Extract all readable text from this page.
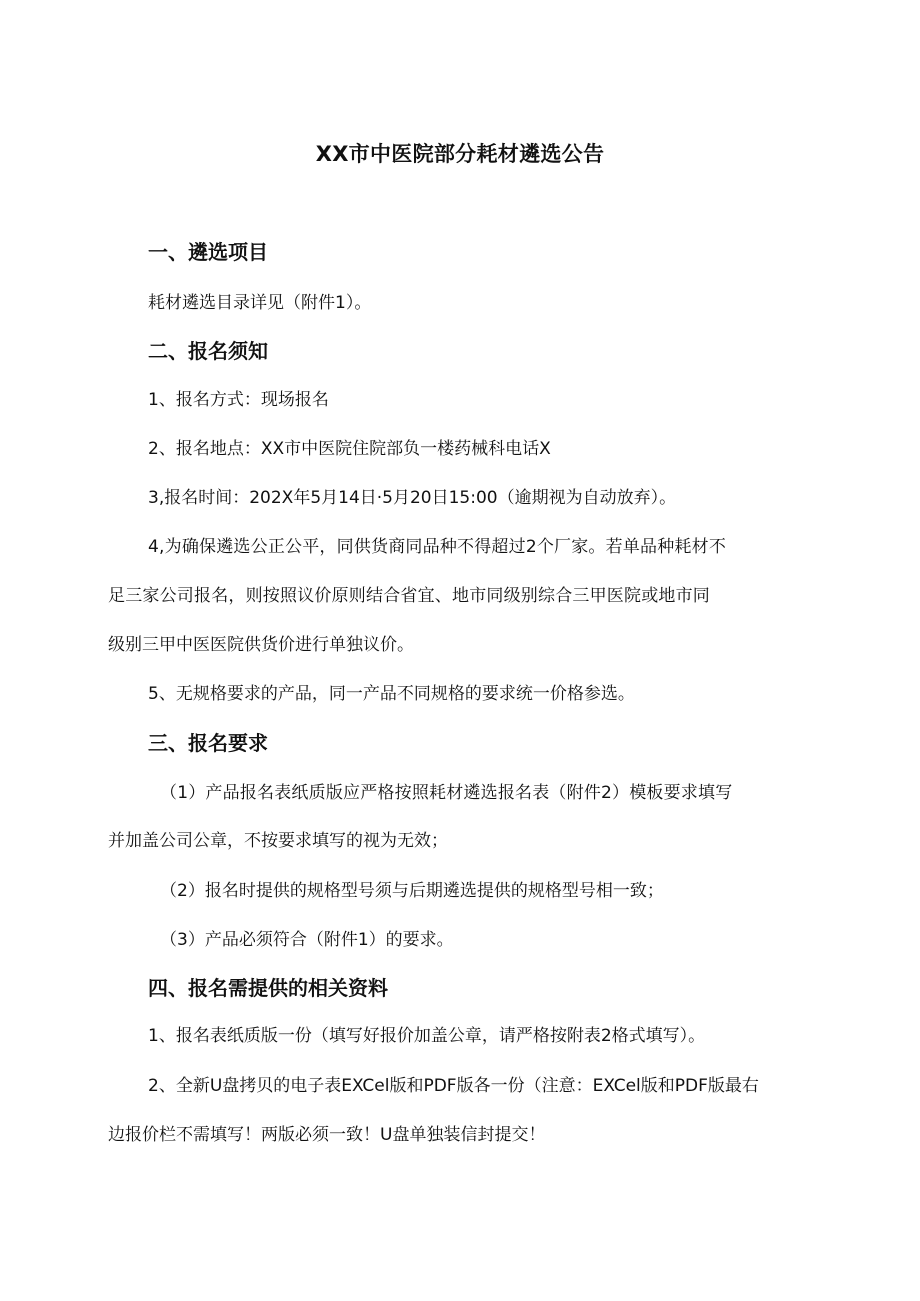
XX市中医院部分耗材遴选公告
一、遴选项目
耗材遴选目录详见（附件1）。
二、报名须知
1、报名方式：现场报名
2、报名地点：XX市中医院住院部负一楼药械科电话X
3,报名时间：202X年5月14日·5月20日15:00（逾期视为自动放弃）。
4,为确保遴选公正公平，同供货商同品种不得超过2个厂家。若单品种耗材不
足三家公司报名，则按照议价原则结合省宜、地市同级别综合三甲医院或地市同
级别三甲中医医院供货价进行单独议价。
5、无规格要求的产品，同一产品不同规格的要求统一价格参选。
三、报名要求
（1）产品报名表纸质版应严格按照耗材遴选报名表（附件2）模板要求填写
并加盖公司公章，不按要求填写的视为无效；
（2）报名时提供的规格型号须与后期遴选提供的规格型号相一致；
（3）产品必须符合（附件1）的要求。
四、报名需提供的相关资料
1、报名表纸质版一份（填写好报价加盖公章，请严格按附表2格式填写）。
2、全新U盘拷贝的电子表EXCel版和PDF版各一份（注意：EXCel版和PDF版最右
边报价栏不需填写！两版必须一致！U盘单独装信封提交！
